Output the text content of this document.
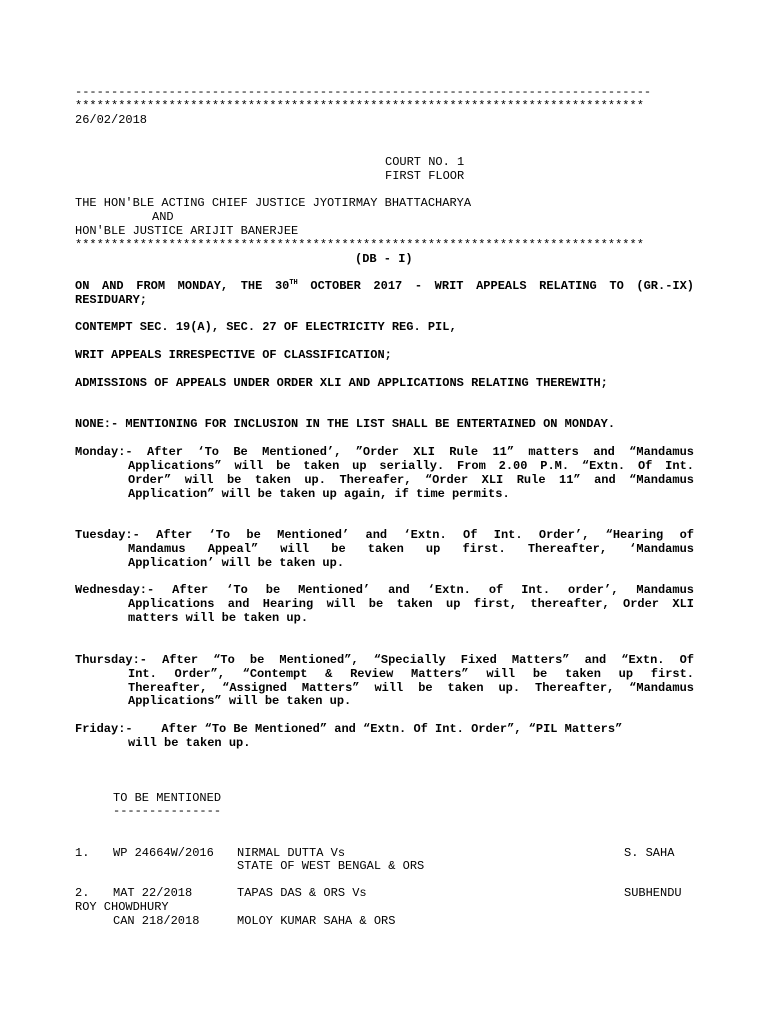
--------------------------------------------------------------------------------
*******************************************************************************
26/02/2018
COURT NO. 1
FIRST FLOOR
THE HON'BLE ACTING CHIEF JUSTICE JYOTIRMAY BHATTACHARYA
AND
HON'BLE JUSTICE ARIJIT BANERJEE
*******************************************************************************
(DB - I)
ON AND FROM MONDAY, THE 30TH OCTOBER 2017 - WRIT APPEALS RELATING TO (GR.-IX)
RESIDUARY;
CONTEMPT SEC. 19(A), SEC. 27 OF ELECTRICITY REG. PIL,
WRIT APPEALS IRRESPECTIVE OF CLASSIFICATION;
ADMISSIONS OF APPEALS UNDER ORDER XLI AND APPLICATIONS RELATING THEREWITH;
NONE:- MENTIONING FOR INCLUSION IN THE LIST SHALL BE ENTERTAINED ON MONDAY.
Monday:- After ‘To Be Mentioned’, ”Order XLI Rule 11” matters and “Mandamus
Applications” will be taken up serially. From 2.00 P.M. “Extn. Of Int.
Order” will be taken up. Thereafer, “Order XLI Rule 11” and “Mandamus
Application” will be taken up again, if time permits.
Tuesday:- After ‘To be Mentioned’ and ‘Extn. Of Int. Order’, “Hearing of
Mandamus Appeal” will be taken up first. Thereafter, ‘Mandamus
Application’ will be taken up.
Wednesday:- After ‘To be Mentioned’ and ‘Extn. of Int. order’, Mandamus
Applications and Hearing will be taken up first, thereafter, Order XLI
matters will be taken up.
Thursday:- After “To be Mentioned”, “Specially Fixed Matters” and “Extn. Of
Int. Order”, “Contempt & Review Matters” will be taken up first.
Thereafter, “Assigned Matters” will be taken up. Thereafter, “Mandamus
Applications” will be taken up.
Friday:-    After “To Be Mentioned” and “Extn. Of Int. Order”, “PIL Matters”
will be taken up.
TO BE MENTIONED
---------------
1. WP 24664W/2016 NIRMAL DUTTA Vs	S. SAHA
STATE OF WEST BENGAL & ORS
2. MAT 22/2018	TAPAS DAS & ORS Vs	SUBHENDU
ROY CHOWDHURY
CAN 218/2018	MOLOY KUMAR SAHA & ORS
